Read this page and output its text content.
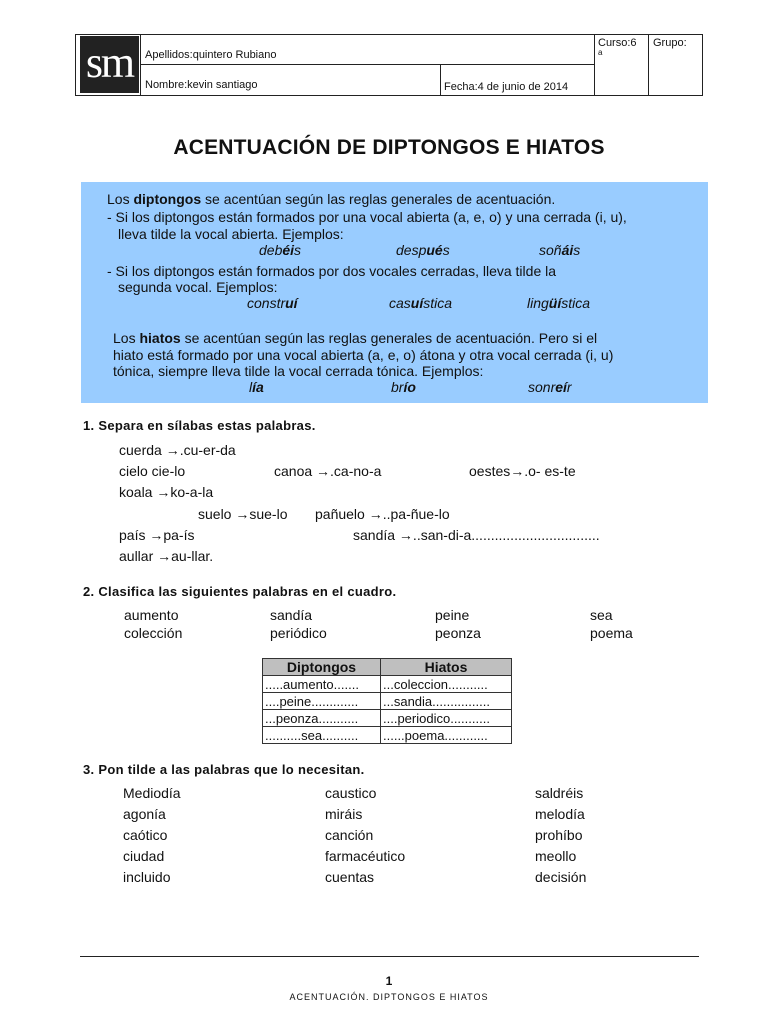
Apellidos:quintero Rubiano
Nombre:kevin santiago	Fecha:4 de junio de 2014
Curso:6
a
Grupo:
sm
ACENTUACIÓN DE DIPTONGOS E HIATOS
Los diptongos se acentúan según las reglas generales de acentuación.
- Si los diptongos están formados por una vocal abierta (a, e, o) y una cerrada (i, u),
lleva tilde la vocal abierta. Ejemplos:
debéis	después	soñáis
- Si los diptongos están formados por dos vocales cerradas, lleva tilde la
segunda vocal. Ejemplos:
construí	casuística	lingüística
Los hiatos se acentúan según las reglas generales de acentuación. Pero si el
hiato está formado por una vocal abierta (a, e, o) átona y otra vocal cerrada (i, u)
tónica, siempre lleva tilde la vocal cerrada tónica. Ejemplos:
lía	brío	sonreír
1. Separa en sílabas estas palabras.
cuerda →.cu-er-da
cielo cie-lo	canoa →.ca-no-a	oestes→.o- es-te
koala →ko-a-la
suelo →sue-lo pañuelo →..pa-ñue-lo
país →pa-ís	sandía →..san-di-a.................................
aullar →au-llar.
2. Clasifica las siguientes palabras en el cuadro.
aumento	sandía	peine	sea
colección	periódico	peonza	poema
Diptongos	Hiatos
.....aumento.......	...coleccion...........
....peine.............	...sandia................
...peonza...........	....periodico...........
..........sea..........	......poema............
3. Pon tilde a las palabras que lo necesitan.
Mediodía	caustico	saldréis
agonía	miráis	melodía
caótico	canción	prohíbo
ciudad	farmacéutico	meollo
incluido	cuentas	decisión
1
ACENTUACIÓN. DIPTONGOS E HIATOS
